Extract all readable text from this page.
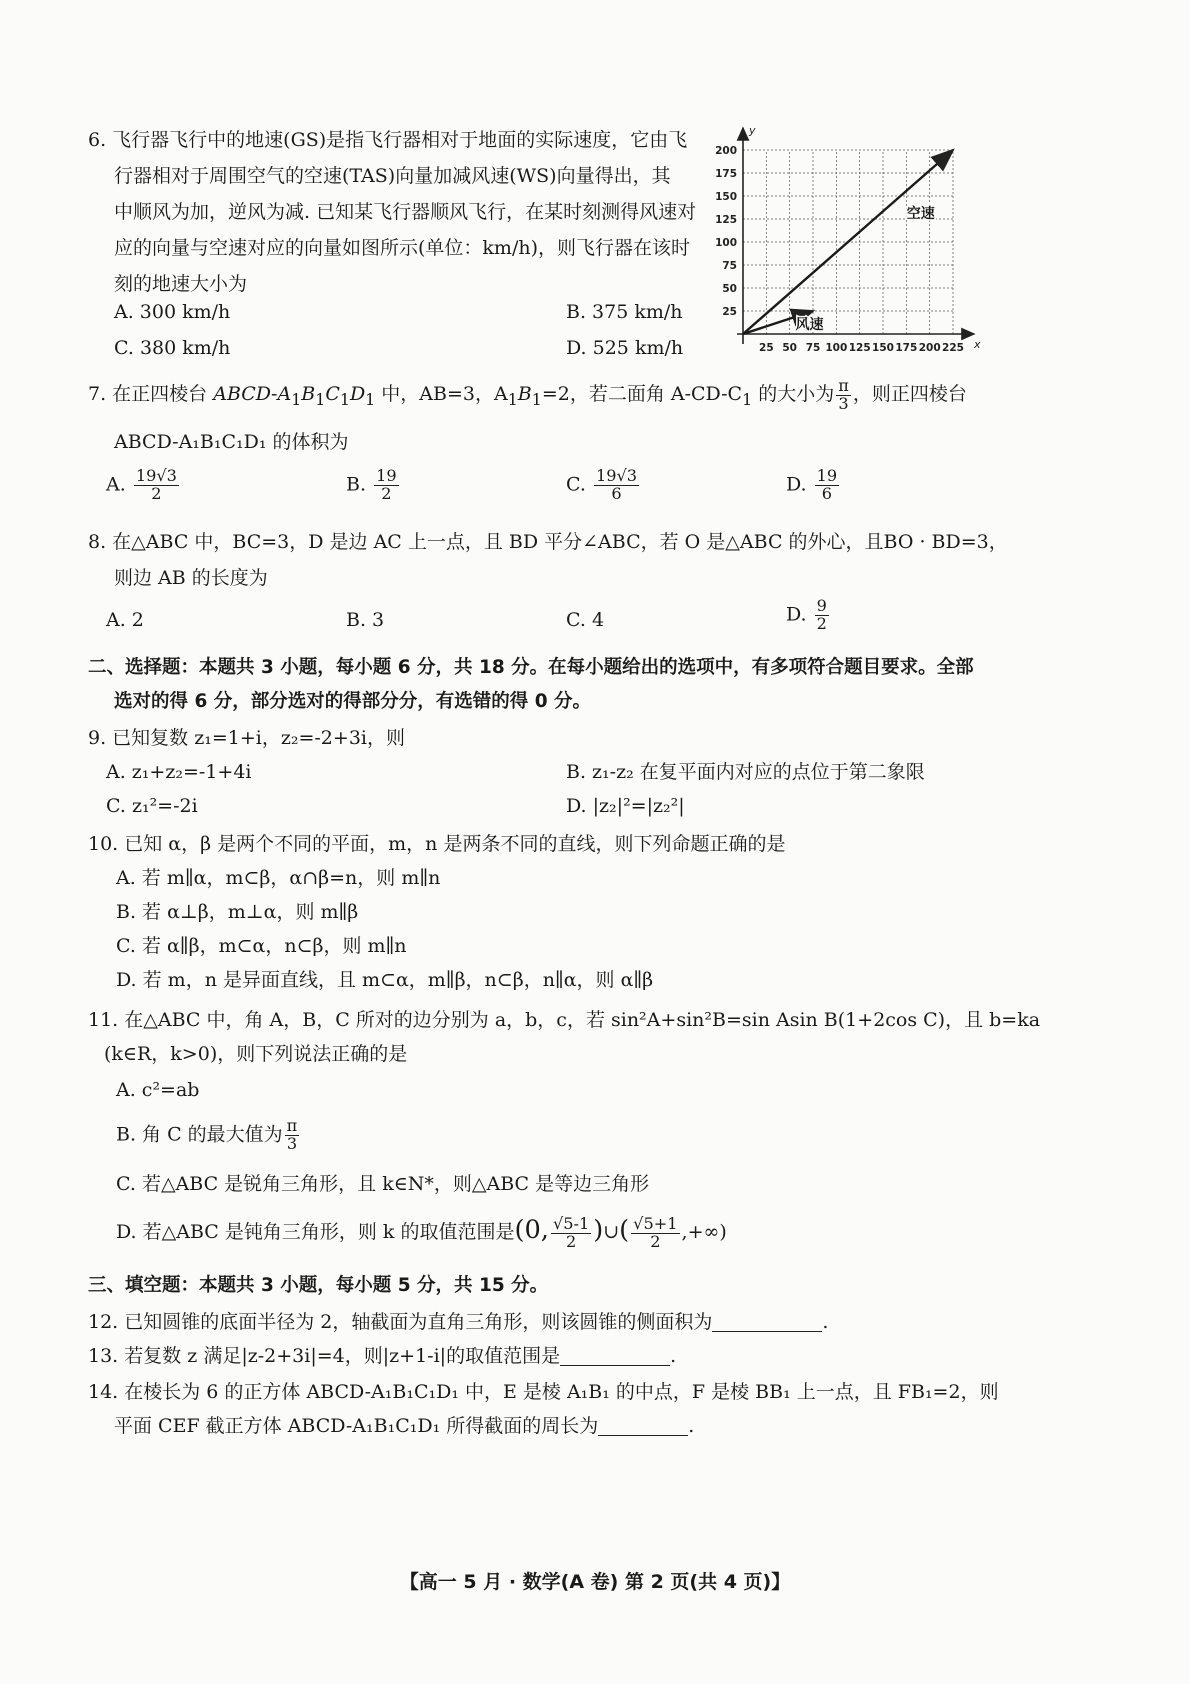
6. 飞行器飞行中的地速(GS)是指飞行器相对于地面的实际速度，它由飞
行器相对于周围空气的空速(TAS)向量加减风速(WS)向量得出，其
中顺风为加，逆风为减. 已知某飞行器顺风飞行，在某时刻测得风速对
应的向量与空速对应的向量如图所示(单位：km/h)，则飞行器在该时
刻的地速大小为
A. 300 km/h	B. 375 km/h
C. 380 km/h	D. 525 km/h	25 50 75 100 125 150 175 200 225
25
50
75
100
125
150
175
200
x
y
空速
风速
7. 在正四棱台 ABCD-$A_1B_1C_1D_1$ 中，AB=3，$A_1B_1=2$，若二面角 $A-CD-C_1$ 的大小为 $\frac{\pi}{3}$ ，则正四棱台
ABCD-A₁B₁C₁D₁ 的体积为
A. $\frac{19√3}{2}$	B. $\frac{19}{2}$	C. $\frac{19√3}{6}$	D. $\frac{19}{6}$
8. 在△ABC 中，BC=3，D 是边 AC 上一点，且 BD 平分∠ABC，若 O 是△ABC 的外心，且BO · BD=3，
则边 AB 的长度为
A. 2	B. 3	C. 4	D. $\frac{9}{2}$
二、选择题：本题共 3 小题，每小题 6 分，共 18 分。在每小题给出的选项中，有多项符合题目要求。全部
选对的得 6 分，部分选对的得部分分，有选错的得 0 分。
9. 已知复数 z₁=1+i，z₂=-2+3i，则
A. z₁+z₂=-1+4i	B. z₁-z₂ 在复平面内对应的点位于第二象限
C. z₁²=-2i	D. |z₂|²=|z₂²|
10. 已知 α，β 是两个不同的平面，m，n 是两条不同的直线，则下列命题正确的是
A. 若 m∥α，m⊂β，α∩β=n，则 m∥n
B. 若 α⊥β，m⊥α，则 m∥β
C. 若 α∥β，m⊂α，n⊂β，则 m∥n
D. 若 m，n 是异面直线，且 m⊂α，m∥β，n⊂β，n∥α，则 α∥β
11. 在△ABC 中，角 A，B，C 所对的边分别为 a，b，c，若 sin²A+sin²B=sin Asin B(1+2cos C)，且 b=ka
(k∈R，k>0)，则下列说法正确的是
A. c²=ab
B. 角 C 的最大值为 $\frac{\pi}{3}$
C. 若△ABC 是锐角三角形，且 k∈N*，则△ABC 是等边三角形
D. 若△ABC 是钝角三角形，则 k 的取值范围是(0, $\frac{√5-1}{2}$ )∪( $\frac{√5+1}{2}$ ,+∞)
三、填空题：本题共 3 小题，每小题 5 分，共 15 分。
12. 已知圆锥的底面半径为 2，轴截面为直角三角形，则该圆锥的侧面积为	.
13. 若复数 z 满足|z-2+3i|=4，则|z+1-i|的取值范围是	.
14. 在棱长为 6 的正方体 ABCD-A₁B₁C₁D₁ 中，E 是棱 A₁B₁ 的中点，F 是棱 BB₁ 上一点，且 FB₁=2，则
平面 CEF 截正方体 ABCD-A₁B₁C₁D₁ 所得截面的周长为	.
【高一 5 月 · 数学(A 卷) 第 2 页(共 4 页)】
